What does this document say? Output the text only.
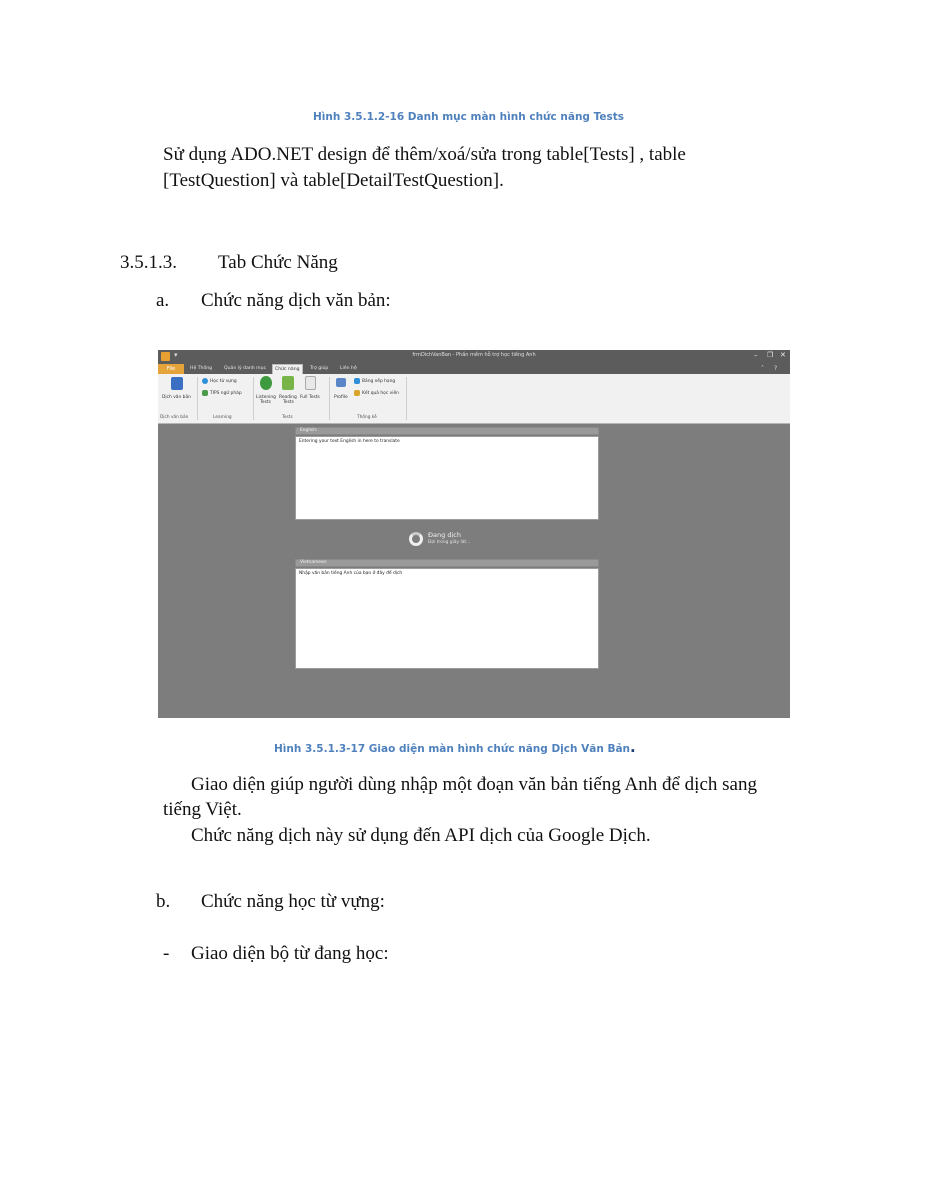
Hình 3.5.1.2-16 Danh mục màn hình chức năng Tests
Sử dụng ADO.NET design để thêm/xoá/sửa trong table[Tests] , table
[TestQuestion] và table[DetailTestQuestion].
3.5.1.3. Tab Chức Năng
a. Chức năng dịch văn bản:
▾	frmDichVanBan - Phần mềm hỗ trợ học tiếng Anh	– ❐ ✕
File	Hệ Thống	Quản lý danh mục	Chức năng	Trợ giúp	Liên hệ	˄ ?
Dịch văn bản
Học từ vựng
TIPS ngữ pháp
Listening
Tests
Reading
Tests
Full Tests	Profile
Bảng xếp hạng
Kết quả học viên
Dịch văn bản	Learning	Tests	Thống kê
English:
Entering your text English in here to translate
Đang dịch
Đợi trong giây lát...
Vietnamese:
Nhập văn bản tiếng Anh của bạn ở đây để dịch
Hình 3.5.1.3-17 Giao diện màn hình chức năng Dịch Văn Bản.
Giao diện giúp người dùng nhập một đoạn văn bản tiếng Anh để dịch sang
tiếng Việt.
Chức năng dịch này sử dụng đến API dịch của Google Dịch.
b. Chức năng học từ vựng:
- Giao diện bộ từ đang học:
